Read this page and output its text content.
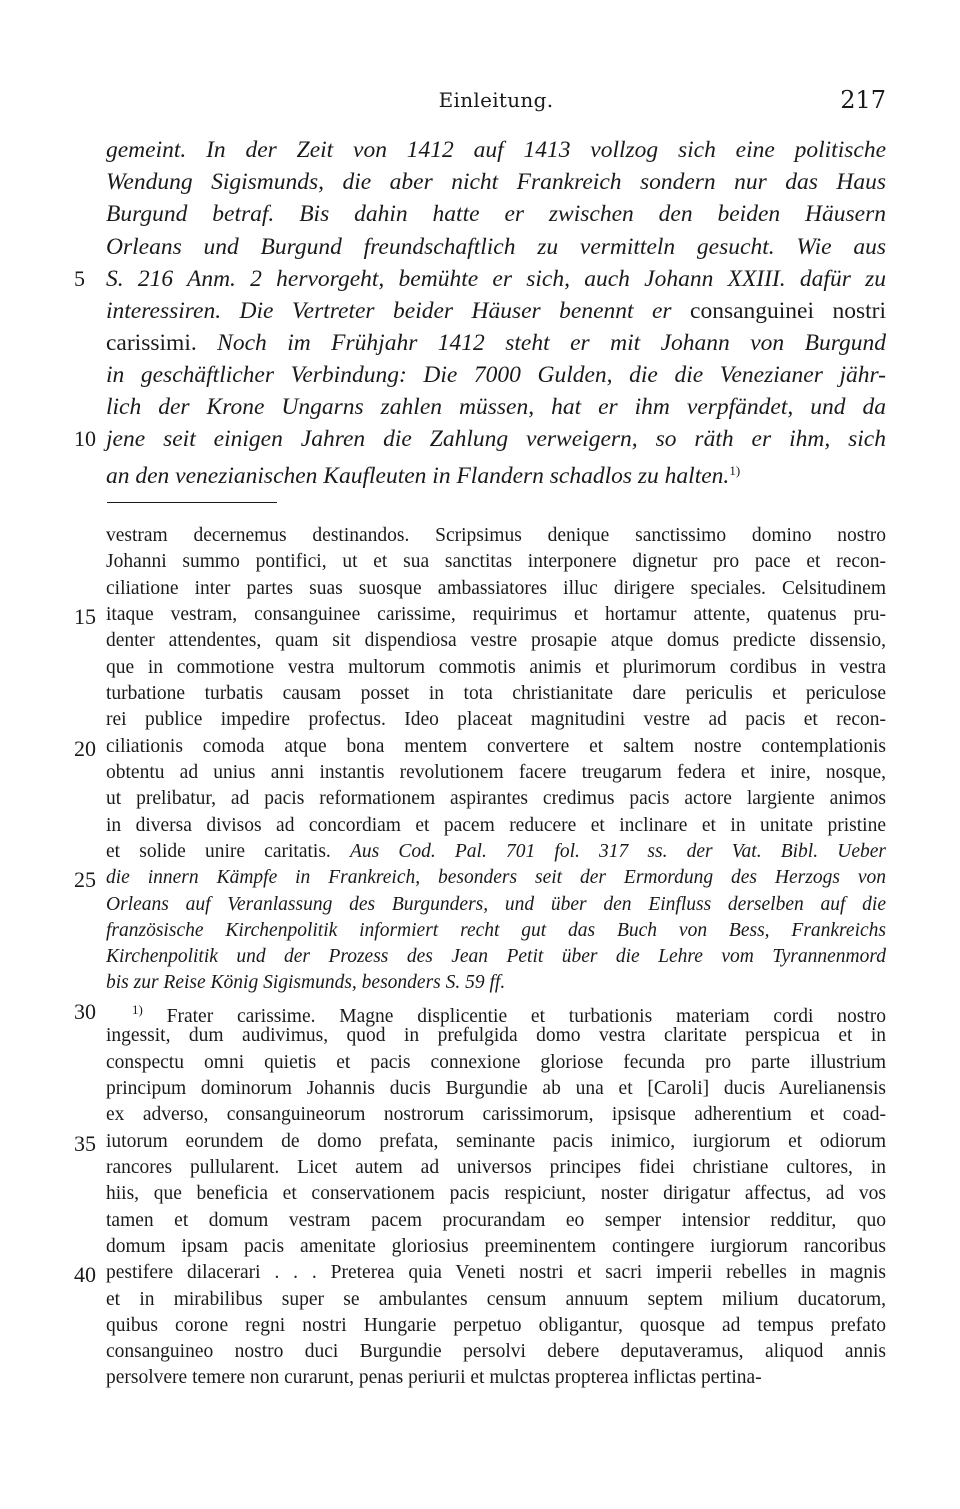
Einleitung.	217
gemeint. In der Zeit von 1412 auf 1413 vollzog sich eine politische
Wendung Sigismunds, die aber nicht Frankreich sondern nur das Haus
Burgund betraf. Bis dahin hatte er zwischen den beiden Häusern
Orleans und Burgund freundschaftlich zu vermitteln gesucht. Wie aus
S. 216 Anm. 2 hervorgeht, bemühte er sich, auch Johann XXIII. dafür zu
interessiren. Die Vertreter beider Häuser benennt er consanguinei nostri
carissimi. Noch im Frühjahr 1412 steht er mit Johann von Burgund
in geschäftlicher Verbindung: Die 7000 Gulden, die die Venezianer jähr-
lich der Krone Ungarns zahlen müssen, hat er ihm verpfändet, und da
jene seit einigen Jahren die Zahlung verweigern, so räth er ihm, sich
an den venezianischen Kaufleuten in Flandern schadlos zu halten.$^{1)}$
vestram decernemus destinandos. Scripsimus denique sanctissimo domino nostro
Johanni summo pontifici, ut et sua sanctitas interponere dignetur pro pace et recon-
ciliatione inter partes suas suosque ambassiatores illuc dirigere speciales. Celsitudinem
itaque vestram, consanguinee carissime, requirimus et hortamur attente, quatenus pru-
denter attendentes, quam sit dispendiosa vestre prosapie atque domus predicte dissensio,
que in commotione vestra multorum commotis animis et plurimorum cordibus in vestra
turbatione turbatis causam posset in tota christianitate dare periculis et periculose
rei publice impedire profectus. Ideo placeat magnitudini vestre ad pacis et recon-
ciliationis comoda atque bona mentem convertere et saltem nostre contemplationis
obtentu ad unius anni instantis revolutionem facere treugarum federa et inire, nosque,
ut prelibatur, ad pacis reformationem aspirantes credimus pacis actore largiente animos
in diversa divisos ad concordiam et pacem reducere et inclinare et in unitate pristine
et solide unire caritatis. Aus Cod. Pal. 701 fol. 317 ss. der Vat. Bibl. Ueber
die innern Kämpfe in Frankreich, besonders seit der Ermordung des Herzogs von
Orleans auf Veranlassung des Burgunders, und über den Einfluss derselben auf die
französische Kirchenpolitik informiert recht gut das Buch von Bess, Frankreichs
Kirchenpolitik und der Prozess des Jean Petit über die Lehre vom Tyrannenmord
bis zur Reise König Sigismunds, besonders S. 59 ff.
$^{1)}$ Frater carissime. Magne displicentie et turbationis materiam cordi nostro
ingessit, dum audivimus, quod in prefulgida domo vestra claritate perspicua et in
conspectu omni quietis et pacis connexione gloriose fecunda pro parte illustrium
principum dominorum Johannis ducis Burgundie ab una et [Caroli] ducis Aurelianensis
ex adverso, consanguineorum nostrorum carissimorum, ipsisque adherentium et coad-
iutorum eorundem de domo prefata, seminante pacis inimico, iurgiorum et odiorum
rancores pullularent. Licet autem ad universos principes fidei christiane cultores, in
hiis, que beneficia et conservationem pacis respiciunt, noster dirigatur affectus, ad vos
tamen et domum vestram pacem procurandam eo semper intensior redditur, quo
domum ipsam pacis amenitate gloriosius preeminentem contingere iurgiorum rancoribus
pestifere dilacerari . . . Preterea quia Veneti nostri et sacri imperii rebelles in magnis
et in mirabilibus super se ambulantes censum annuum septem milium ducatorum,
quibus corone regni nostri Hungarie perpetuo obligantur, quosque ad tempus prefato
consanguineo nostro duci Burgundie persolvi debere deputaveramus, aliquod annis
persolvere temere non curarunt, penas periurii et mulctas propterea inflictas pertina-
5
10
15
20
25
30
35
40
